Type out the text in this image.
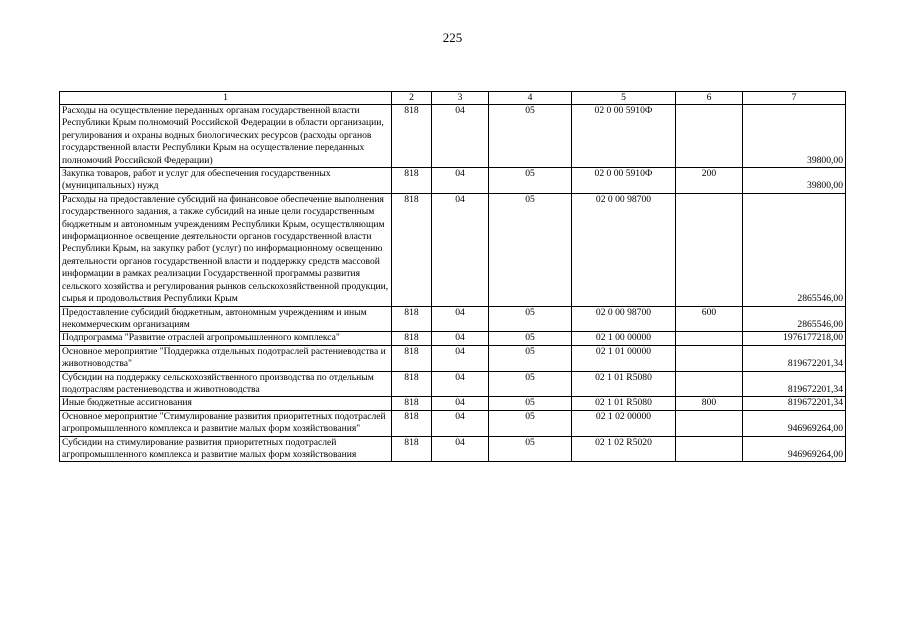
225
1	2	3	4	5	6	7
Расходы на осуществление переданных органам государственной власти Республики Крым полномочий Российской Федерации в области организации, регулирования и охраны водных биологических ресурсов (расходы органов государственной власти Республики Крым на осуществление переданных полномочий Российской Федерации)	818	04	05	02 0 00 5910Ф		39800,00
Закупка товаров, работ и услуг для обеспечения государственных (муниципальных) нужд	818	04	05	02 0 00 5910Ф	200	39800,00
Расходы на предоставление субсидий на финансовое обеспечение выполнения государственного задания, а также субсидий на иные цели государственным бюджетным и автономным учреждениям Республики Крым, осуществляющим информационное освещение деятельности органов государственной власти Республики Крым, на закупку работ (услуг) по информационному освещению деятельности органов государственной власти и поддержку средств массовой информации в рамках реализации Государственной программы развития сельского хозяйства и регулирования рынков сельскохозяйственной продукции, сырья и продовольствия Республики Крым	818	04	05	02 0 00 98700		2865546,00
Предоставление субсидий бюджетным, автономным учреждениям и иным некоммерческим организациям	818	04	05	02 0 00 98700	600	2865546,00
Подпрограмма "Развитие отраслей агропромышленного комплекса"	818	04	05	02 1 00 00000		1976177218,00
Основное мероприятие "Поддержка отдельных подотраслей растениеводства и животноводства"	818	04	05	02 1 01 00000		819672201,34
Субсидии на поддержку сельскохозяйственного производства по отдельным подотраслям растениеводства и животноводства	818	04	05	02 1 01 R5080		819672201,34
Иные бюджетные ассигнования	818	04	05	02 1 01 R5080	800	819672201,34
Основное мероприятие "Стимулирование развития приоритетных подотраслей агропромышленного комплекса и развитие малых форм хозяйствования"	818	04	05	02 1 02 00000		946969264,00
Субсидии на стимулирование развития приоритетных подотраслей агропромышленного комплекса и развитие малых форм хозяйствования	818	04	05	02 1 02 R5020		946969264,00
